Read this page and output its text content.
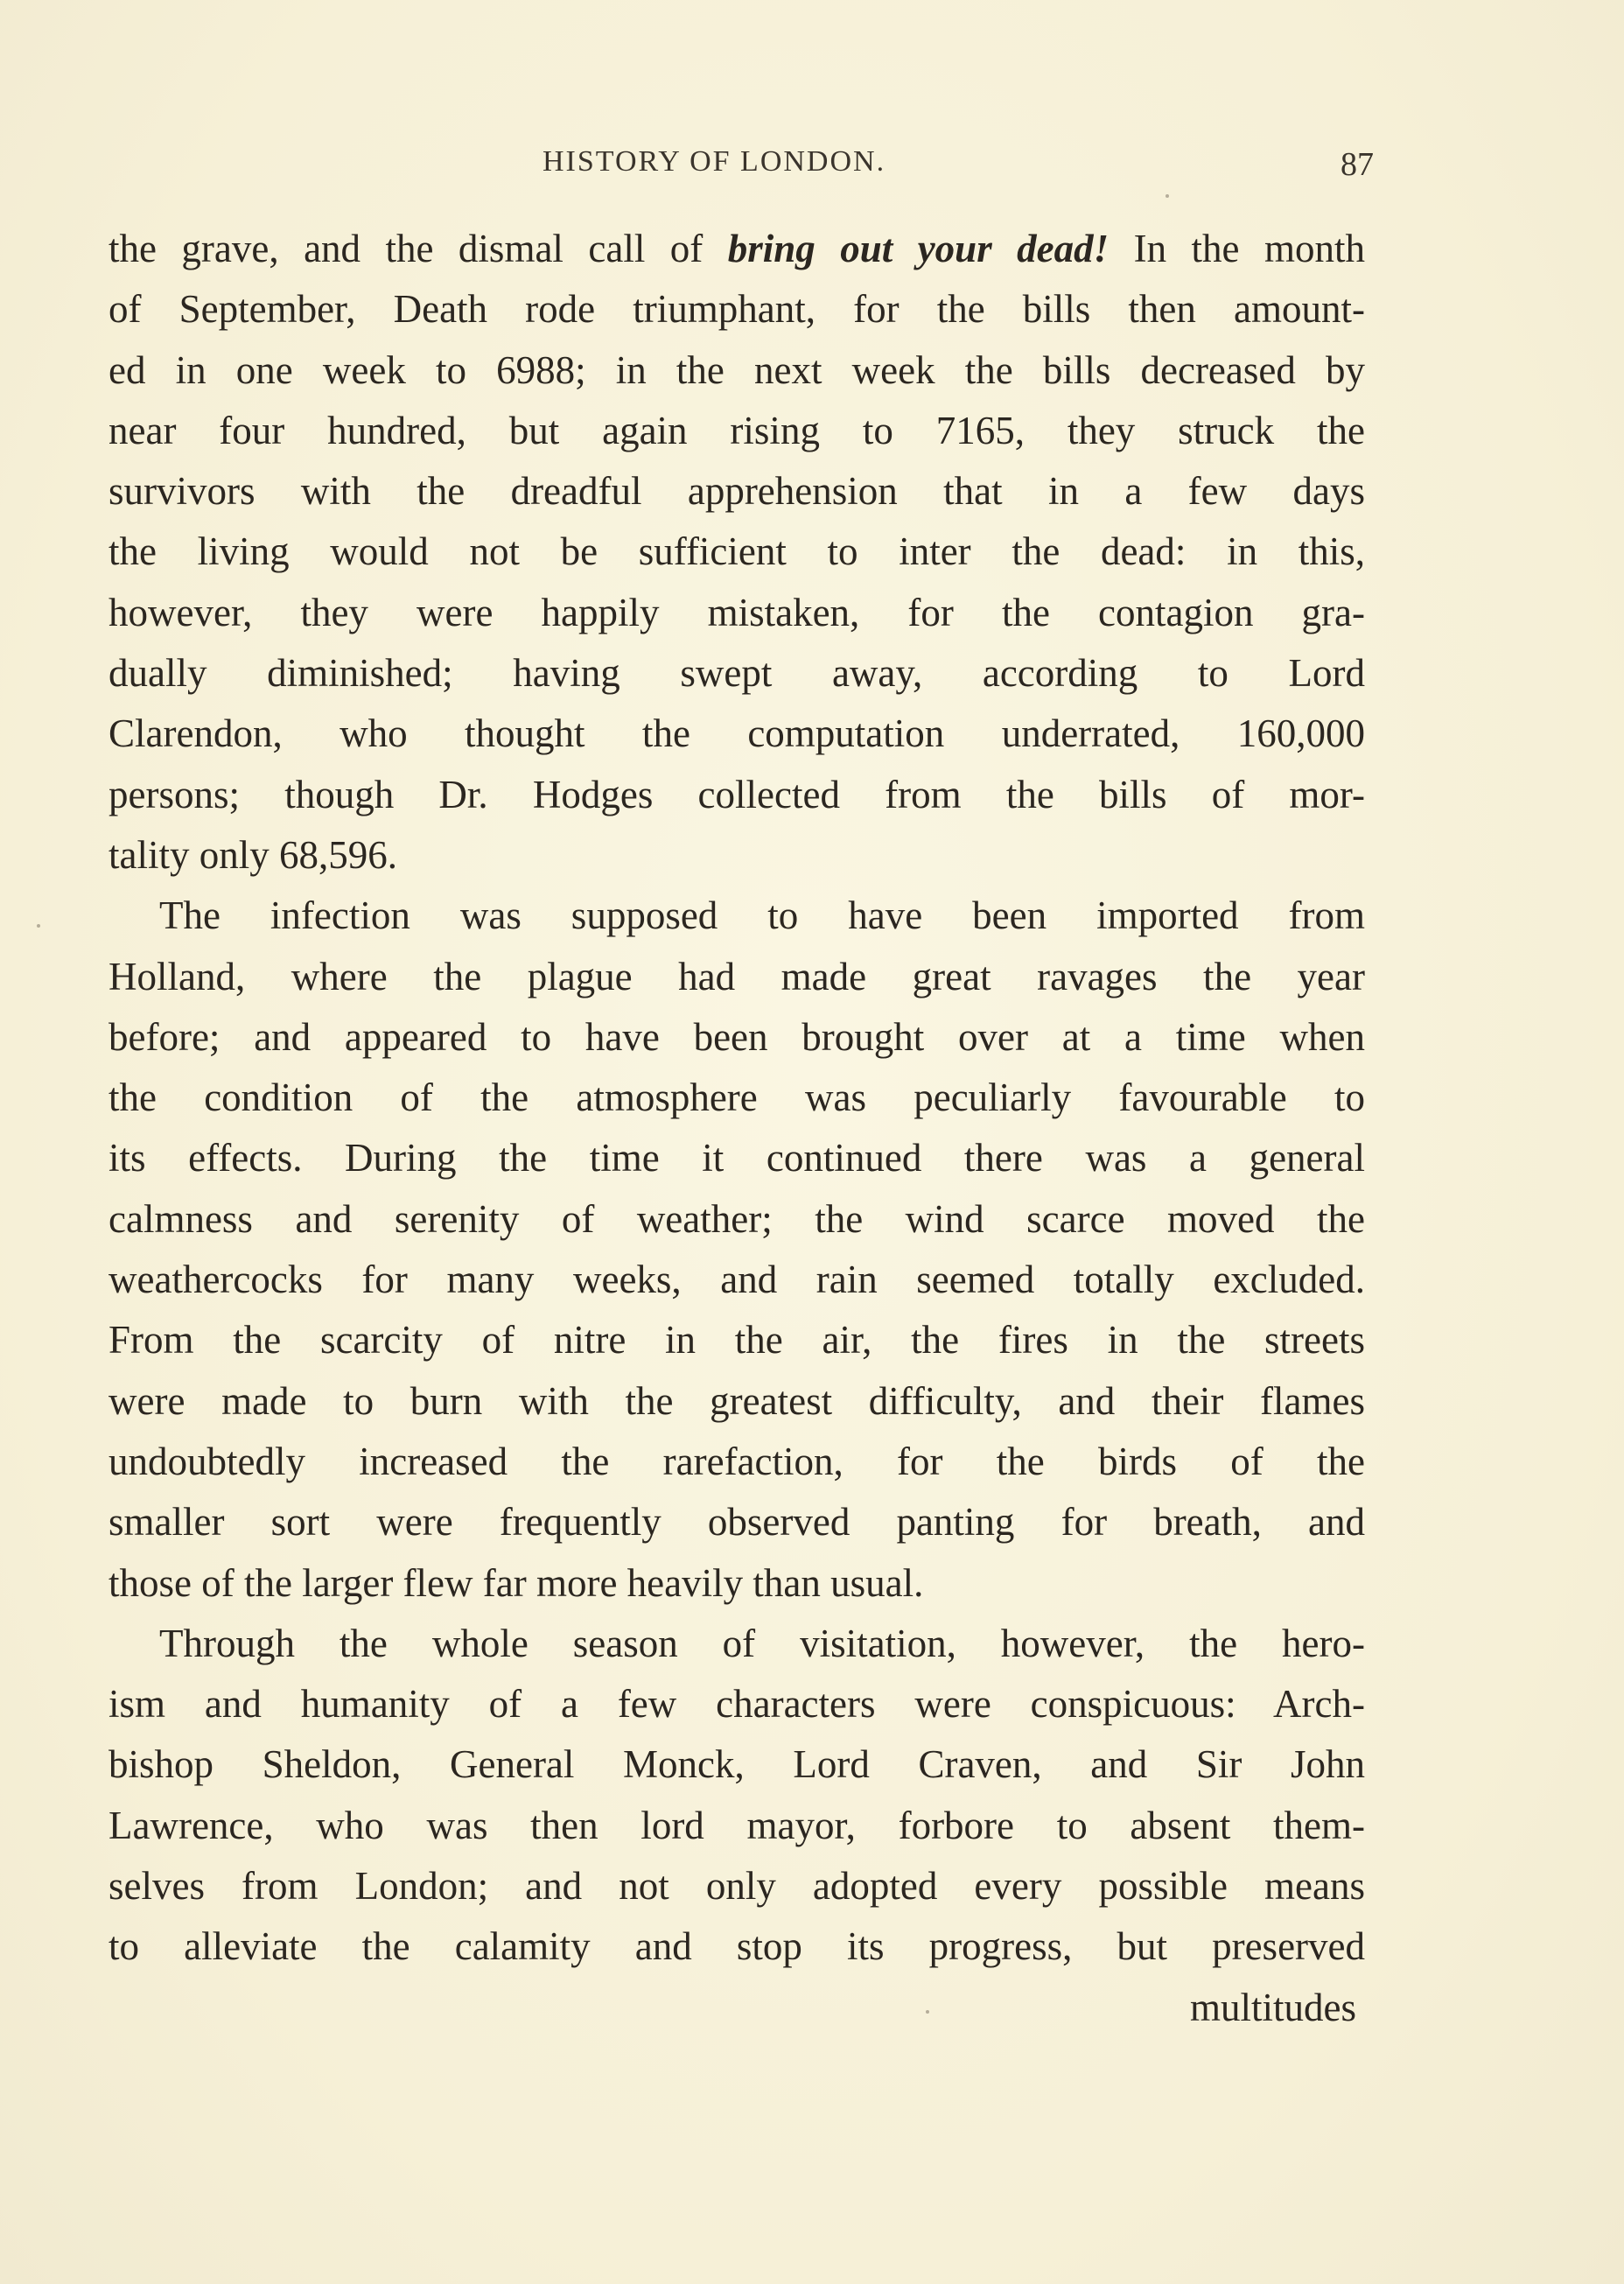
HISTORY OF LONDON.	87
the grave, and the dismal call of bring out your dead! In the month
of September, Death rode triumphant, for the bills then amount-
ed in one week to 6988; in the next week the bills decreased by
near four hundred, but again rising to 7165, they struck the
survivors with the dreadful apprehension that in a few days
the living would not be sufficient to inter the dead: in this,
however, they were happily mistaken, for the contagion gra-
dually diminished; having swept away, according to Lord
Clarendon, who thought the computation underrated, 160,000
persons; though Dr. Hodges collected from the bills of mor-
tality only 68,596.
The infection was supposed to have been imported from
Holland, where the plague had made great ravages the year
before; and appeared to have been brought over at a time when
the condition of the atmosphere was peculiarly favourable to
its effects. During the time it continued there was a general
calmness and serenity of weather; the wind scarce moved the
weathercocks for many weeks, and rain seemed totally excluded.
From the scarcity of nitre in the air, the fires in the streets
were made to burn with the greatest difficulty, and their flames
undoubtedly increased the rarefaction, for the birds of the
smaller sort were frequently observed panting for breath, and
those of the larger flew far more heavily than usual.
Through the whole season of visitation, however, the hero-
ism and humanity of a few characters were conspicuous: Arch-
bishop Sheldon, General Monck, Lord Craven, and Sir John
Lawrence, who was then lord mayor, forbore to absent them-
selves from London; and not only adopted every possible means
to alleviate the calamity and stop its progress, but preserved
multitudes
